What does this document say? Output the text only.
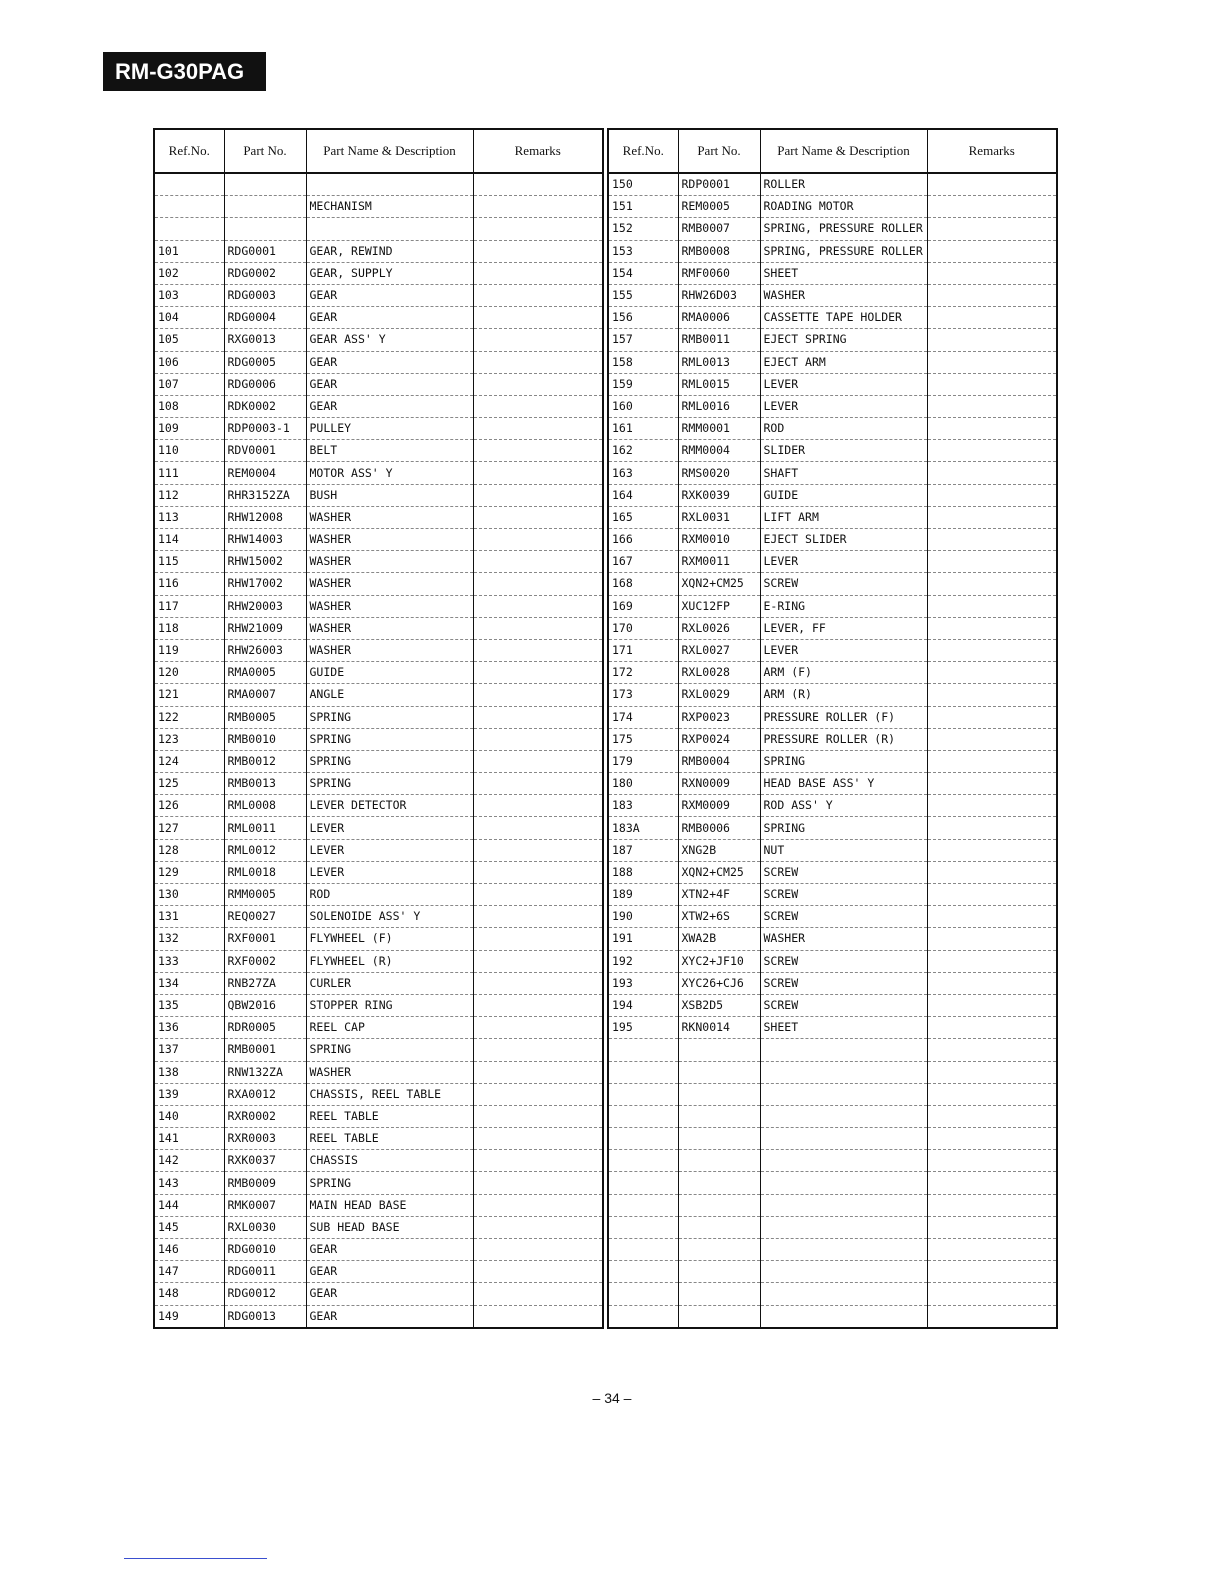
RM-G30PAG
Ref.No.	Part No.	Part Name & Description	Remarks

		MECHANISM	

101	RDG0001	GEAR, REWIND	
102	RDG0002	GEAR, SUPPLY	
103	RDG0003	GEAR	
104	RDG0004	GEAR	
105	RXG0013	GEAR ASS' Y	
106	RDG0005	GEAR	
107	RDG0006	GEAR	
108	RDK0002	GEAR	
109	RDP0003-1	PULLEY	
110	RDV0001	BELT	
111	REM0004	MOTOR ASS' Y	
112	RHR3152ZA	BUSH	
113	RHW12008	WASHER	
114	RHW14003	WASHER	
115	RHW15002	WASHER	
116	RHW17002	WASHER	
117	RHW20003	WASHER	
118	RHW21009	WASHER	
119	RHW26003	WASHER	
120	RMA0005	GUIDE	
121	RMA0007	ANGLE	
122	RMB0005	SPRING	
123	RMB0010	SPRING	
124	RMB0012	SPRING	
125	RMB0013	SPRING	
126	RML0008	LEVER DETECTOR	
127	RML0011	LEVER	
128	RML0012	LEVER	
129	RML0018	LEVER	
130	RMM0005	ROD	
131	REQ0027	SOLENOIDE ASS' Y	
132	RXF0001	FLYWHEEL (F)	
133	RXF0002	FLYWHEEL (R)	
134	RNB27ZA	CURLER	
135	QBW2016	STOPPER RING	
136	RDR0005	REEL CAP	
137	RMB0001	SPRING	
138	RNW132ZA	WASHER	
139	RXA0012	CHASSIS, REEL TABLE	
140	RXR0002	REEL TABLE	
141	RXR0003	REEL TABLE	
142	RXK0037	CHASSIS	
143	RMB0009	SPRING	
144	RMK0007	MAIN HEAD BASE	
145	RXL0030	SUB HEAD BASE	
146	RDG0010	GEAR	
147	RDG0011	GEAR	
148	RDG0012	GEAR	
149	RDG0013	GEAR	
Ref.No.	Part No.	Part Name & Description	Remarks
150	RDP0001	ROLLER	
151	REM0005	ROADING MOTOR	
152	RMB0007	SPRING, PRESSURE ROLLER	
153	RMB0008	SPRING, PRESSURE ROLLER	
154	RMF0060	SHEET	
155	RHW26D03	WASHER	
156	RMA0006	CASSETTE TAPE HOLDER	
157	RMB0011	EJECT SPRING	
158	RML0013	EJECT ARM	
159	RML0015	LEVER	
160	RML0016	LEVER	
161	RMM0001	ROD	
162	RMM0004	SLIDER	
163	RMS0020	SHAFT	
164	RXK0039	GUIDE	
165	RXL0031	LIFT ARM	
166	RXM0010	EJECT SLIDER	
167	RXM0011	LEVER	
168	XQN2+CM25	SCREW	
169	XUC12FP	E-RING	
170	RXL0026	LEVER, FF	
171	RXL0027	LEVER	
172	RXL0028	ARM (F)	
173	RXL0029	ARM (R)	
174	RXP0023	PRESSURE ROLLER (F)	
175	RXP0024	PRESSURE ROLLER (R)	
179	RMB0004	SPRING	
180	RXN0009	HEAD BASE ASS' Y	
183	RXM0009	ROD ASS' Y	
183A	RMB0006	SPRING	
187	XNG2B	NUT	
188	XQN2+CM25	SCREW	
189	XTN2+4F	SCREW	
190	XTW2+6S	SCREW	
191	XWA2B	WASHER	
192	XYC2+JF10	SCREW	
193	XYC26+CJ6	SCREW	
194	XSB2D5	SCREW	
195	RKN0014	SHEET	

– 34 –
